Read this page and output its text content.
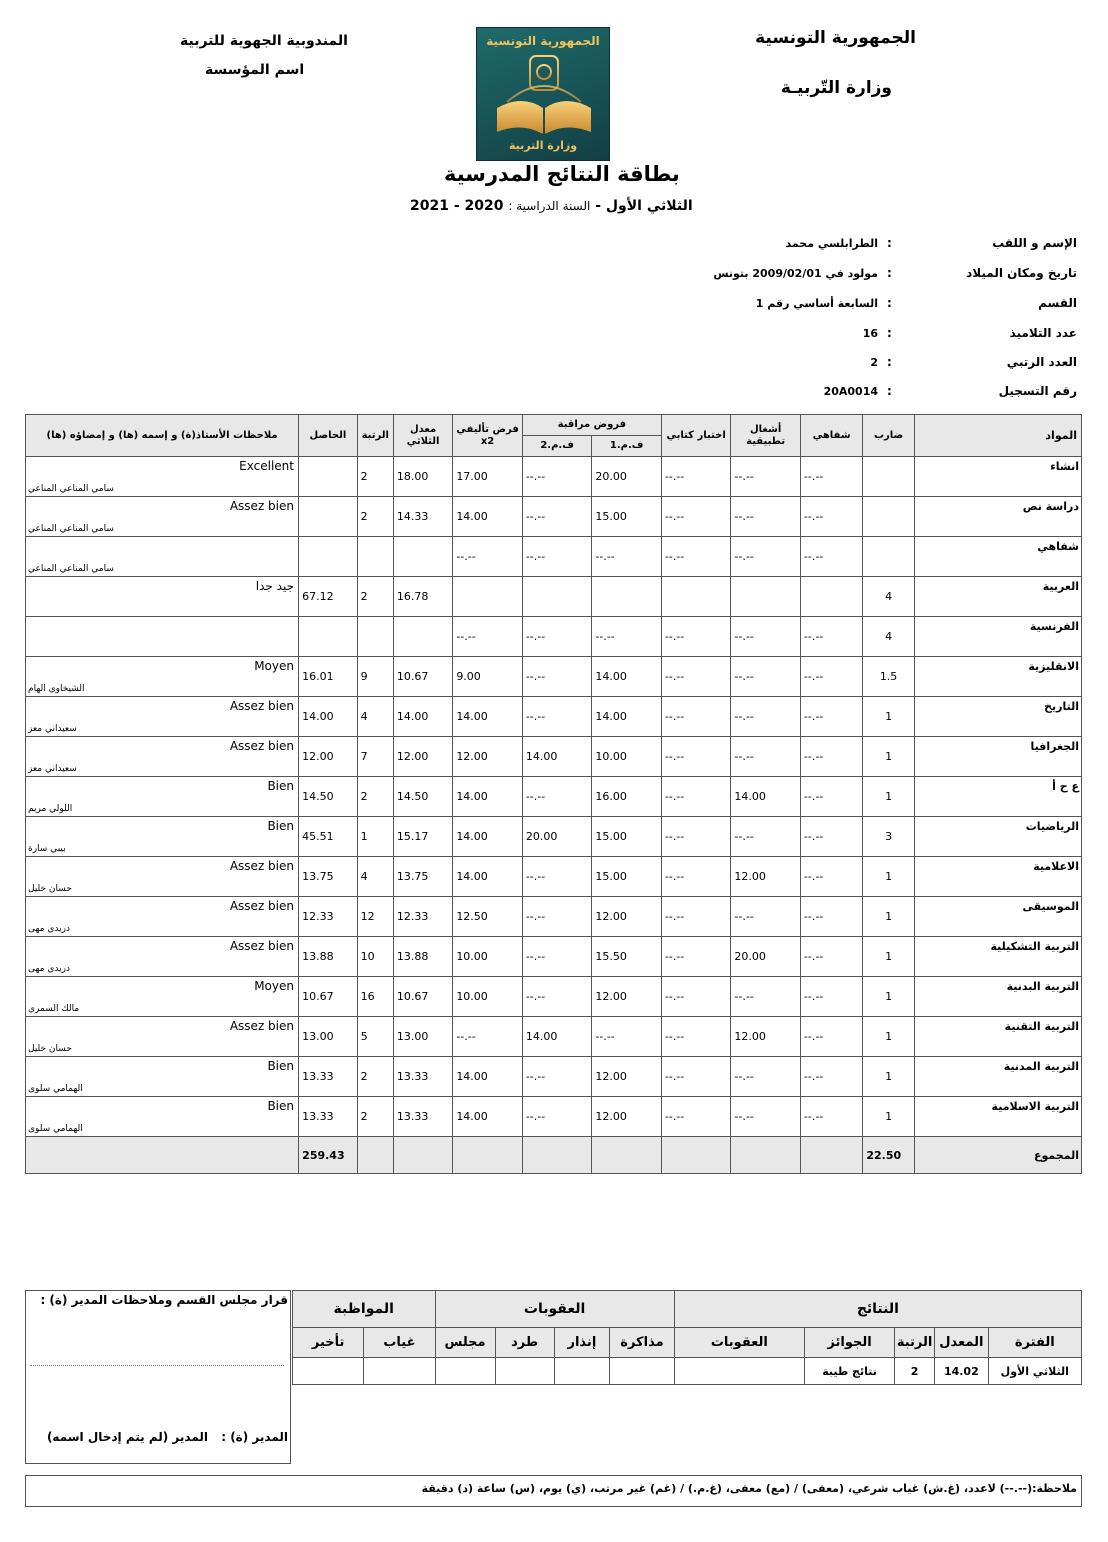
الجمهورية التونسية
وزارة التّربيـة
المندوبية الجهوية للتربية
اسم المؤسسة
الجمهورية التونسية
وزارة التربية
بطاقة النتائج المدرسية
الثلاثي الأول - السنة الدراسية : 2020 - 2021
الإسم و اللقب
:
الطرابلسي محمد
تاريخ ومكان الميلاد
:
مولود في 2009/02/01 بتونس
القسم
:
السابعة أساسي رقم 1
عدد التلاميذ
:
16
العدد الرتبي
:
2
رقم التسجيل
:
20A0014
المواد	ضارب	شفاهي	أشغال تطبيقية	اختبار كتابي	فروض مراقبة		فرض تأليفي x2	معدل الثلاثي	الرتبة	الحاصل	ملاحظات الأستاذ(ة) و إسمه (ها) و إمضاؤه (ها)
					ف.م.1	ف.م.2					
انشاء		--.--	--.--	--.--	20.00	--.--	17.00	18.00	2		Excellent
سامي المناعي المناعي

دراسة نص		--.--	--.--	--.--	15.00	--.--	14.00	14.33	2		Assez bien
سامي المناعي المناعي

شفاهي		--.--	--.--	--.--	--.--	--.--	--.--				سامي المناعي المناعي

العربية	4							16.78	2	67.12	جيد جدا

الفرنسية	4	--.--	--.--	--.--	--.--	--.--	--.--				

الانقليزية	1.5	--.--	--.--	--.--	14.00	--.--	9.00	10.67	9	16.01	Moyen
الشيخاوي الهام

التاريخ	1	--.--	--.--	--.--	14.00	--.--	14.00	14.00	4	14.00	Assez bien
سعيداني معز

الجغرافيا	1	--.--	--.--	--.--	10.00	14.00	12.00	12.00	7	12.00	Assez bien
سعيداني معز

ع ح أ	1	--.--	14.00	--.--	16.00	--.--	14.00	14.50	2	14.50	Bien
اللولي مريم

الرياضيات	3	--.--	--.--	--.--	15.00	20.00	14.00	15.17	1	45.51	Bien
بيبي سارة

الاعلامية	1	--.--	12.00	--.--	15.00	--.--	14.00	13.75	4	13.75	Assez bien
حسان خليل

الموسيقى	1	--.--	--.--	--.--	12.00	--.--	12.50	12.33	12	12.33	Assez bien
دريدي مهى

التربية التشكيلية	1	--.--	20.00	--.--	15.50	--.--	10.00	13.88	10	13.88	Assez bien
دريدي مهى

التربية البدنية	1	--.--	--.--	--.--	12.00	--.--	10.00	10.67	16	10.67	Moyen
مالك السمري

التربية التقنية	1	--.--	12.00	--.--	--.--	14.00	--.--	13.00	5	13.00	Assez bien
حسان خليل

التربية المدنية	1	--.--	--.--	--.--	12.00	--.--	14.00	13.33	2	13.33	Bien
الهمامي سلوى

التربية الاسلامية	1	--.--	--.--	--.--	12.00	--.--	14.00	13.33	2	13.33	Bien
الهمامي سلوى

المجموع	22.50									259.43	
قرار مجلس القسم وملاحظات المدير (ة) :
المدير (ة) :
المدير (لم يتم إدخال اسمه)
النتائج					العقوبات				المواظبة	
الفترة	المعدل	الرتبة	الجوائز	العقوبات	مذاكرة	إنذار	طرد	مجلس	غياب	تأخير
الثلاثي الأول	14.02	2	نتائج طيبة							
ملاحظة:(--.--) لاعدد، (غ.ش) غياب شرعي، (معفى) / (مع) معفى، (غ.م.) / (غم) غير مرتب، (ي) يوم، (س) ساعة (د) دقيقة
